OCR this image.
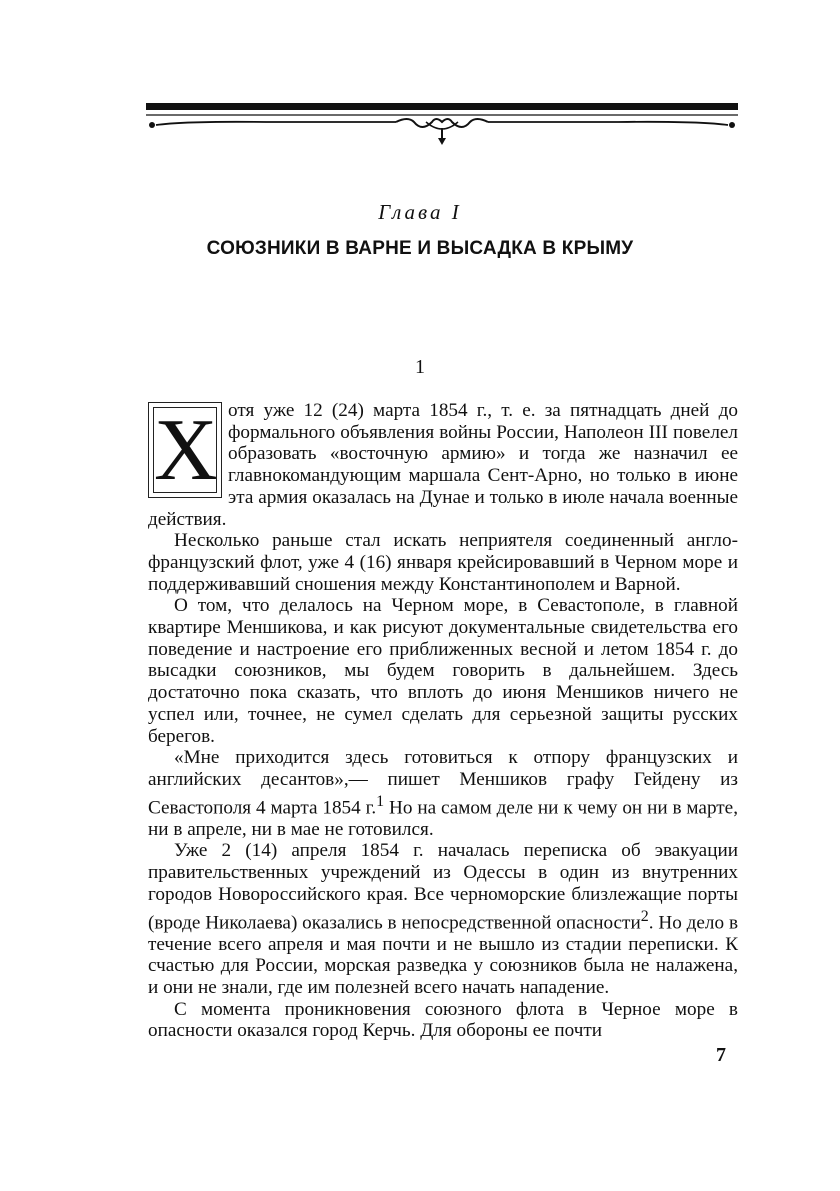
Глава I
СОЮЗНИКИ В ВАРНЕ И ВЫСАДКА В КРЫМУ
1
Х отя уже 12 (24) марта 1854 г., т. е. за пятнадцать дней до формального объявления войны России, Наполеон III повелел образовать «восточную армию» и тогда же назначил ее главнокомандующим маршала Сент-Арно, но только в июне эта армия оказалась на Дунае и только в июле начала военные действия.

Несколько раньше стал искать неприятеля соединенный англо-французский флот, уже 4 (16) января крейсировавший в Черном море и поддерживавший сношения между Константинополем и Варной.

О том, что делалось на Черном море, в Севастополе, в главной квартире Меншикова, и как рисуют документальные свидетельства его поведение и настроение его приближенных весной и летом 1854 г. до высадки союзников, мы будем говорить в дальнейшем. Здесь достаточно пока сказать, что вплоть до июня Меншиков ничего не успел или, точнее, не сумел сделать для серьезной защиты русских берегов.

«Мне приходится здесь готовиться к отпору французских и английских десантов»,— пишет Меншиков графу Гейдену из Севастополя 4 марта 1854 г.$^1$ Но на самом деле ни к чему он ни в марте, ни в апреле, ни в мае не готовился.

Уже 2 (14) апреля 1854 г. началась переписка об эвакуации правительственных учреждений из Одессы в один из внутренних городов Новороссийского края. Все черноморские близлежащие порты (вроде Николаева) оказались в непосредственной опасности$^2$. Но дело в течение всего апреля и мая почти и не вышло из стадии переписки. К счастью для России, морская разведка у союзников была не налажена, и они не знали, где им полезней всего начать нападение.

С момента проникновения союзного флота в Черное море в опасности оказался город Керчь. Для обороны ее почти

7
